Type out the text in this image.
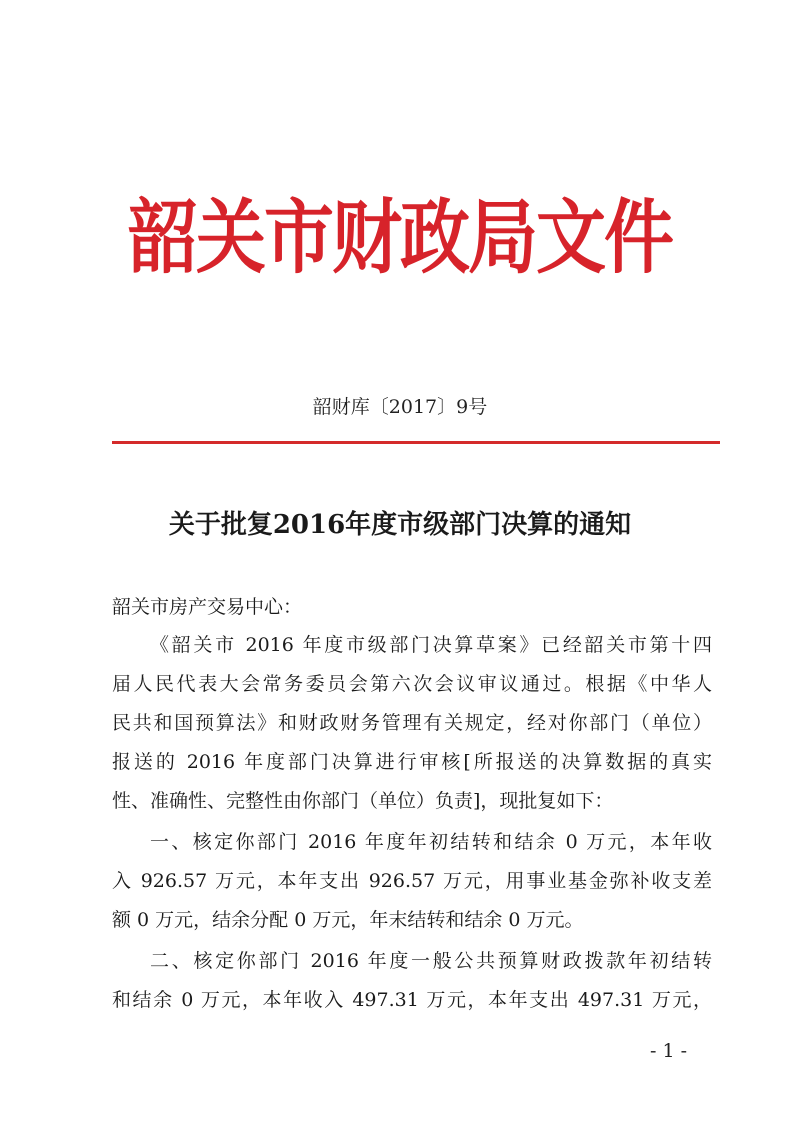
韶关市财政局文件
韶财库〔2017〕9号
关于批复2016年度市级部门决算的通知
韶关市房产交易中心：
《韶关市 2016 年度市级部门决算草案》已经韶关市第十四
届人民代表大会常务委员会第六次会议审议通过。根据《中华人
民共和国预算法》和财政财务管理有关规定，经对你部门（单位）
报送的 2016 年度部门决算进行审核[所报送的决算数据的真实
性、准确性、完整性由你部门（单位）负责]，现批复如下：
一、核定你部门 2016 年度年初结转和结余 0 万元，本年收
入 926.57 万元，本年支出 926.57 万元，用事业基金弥补收支差
额 0 万元，结余分配 0 万元，年末结转和结余 0 万元。
二、核定你部门 2016 年度一般公共预算财政拨款年初结转
和结余 0 万元，本年收入 497.31 万元，本年支出 497.31 万元，
- 1 -
